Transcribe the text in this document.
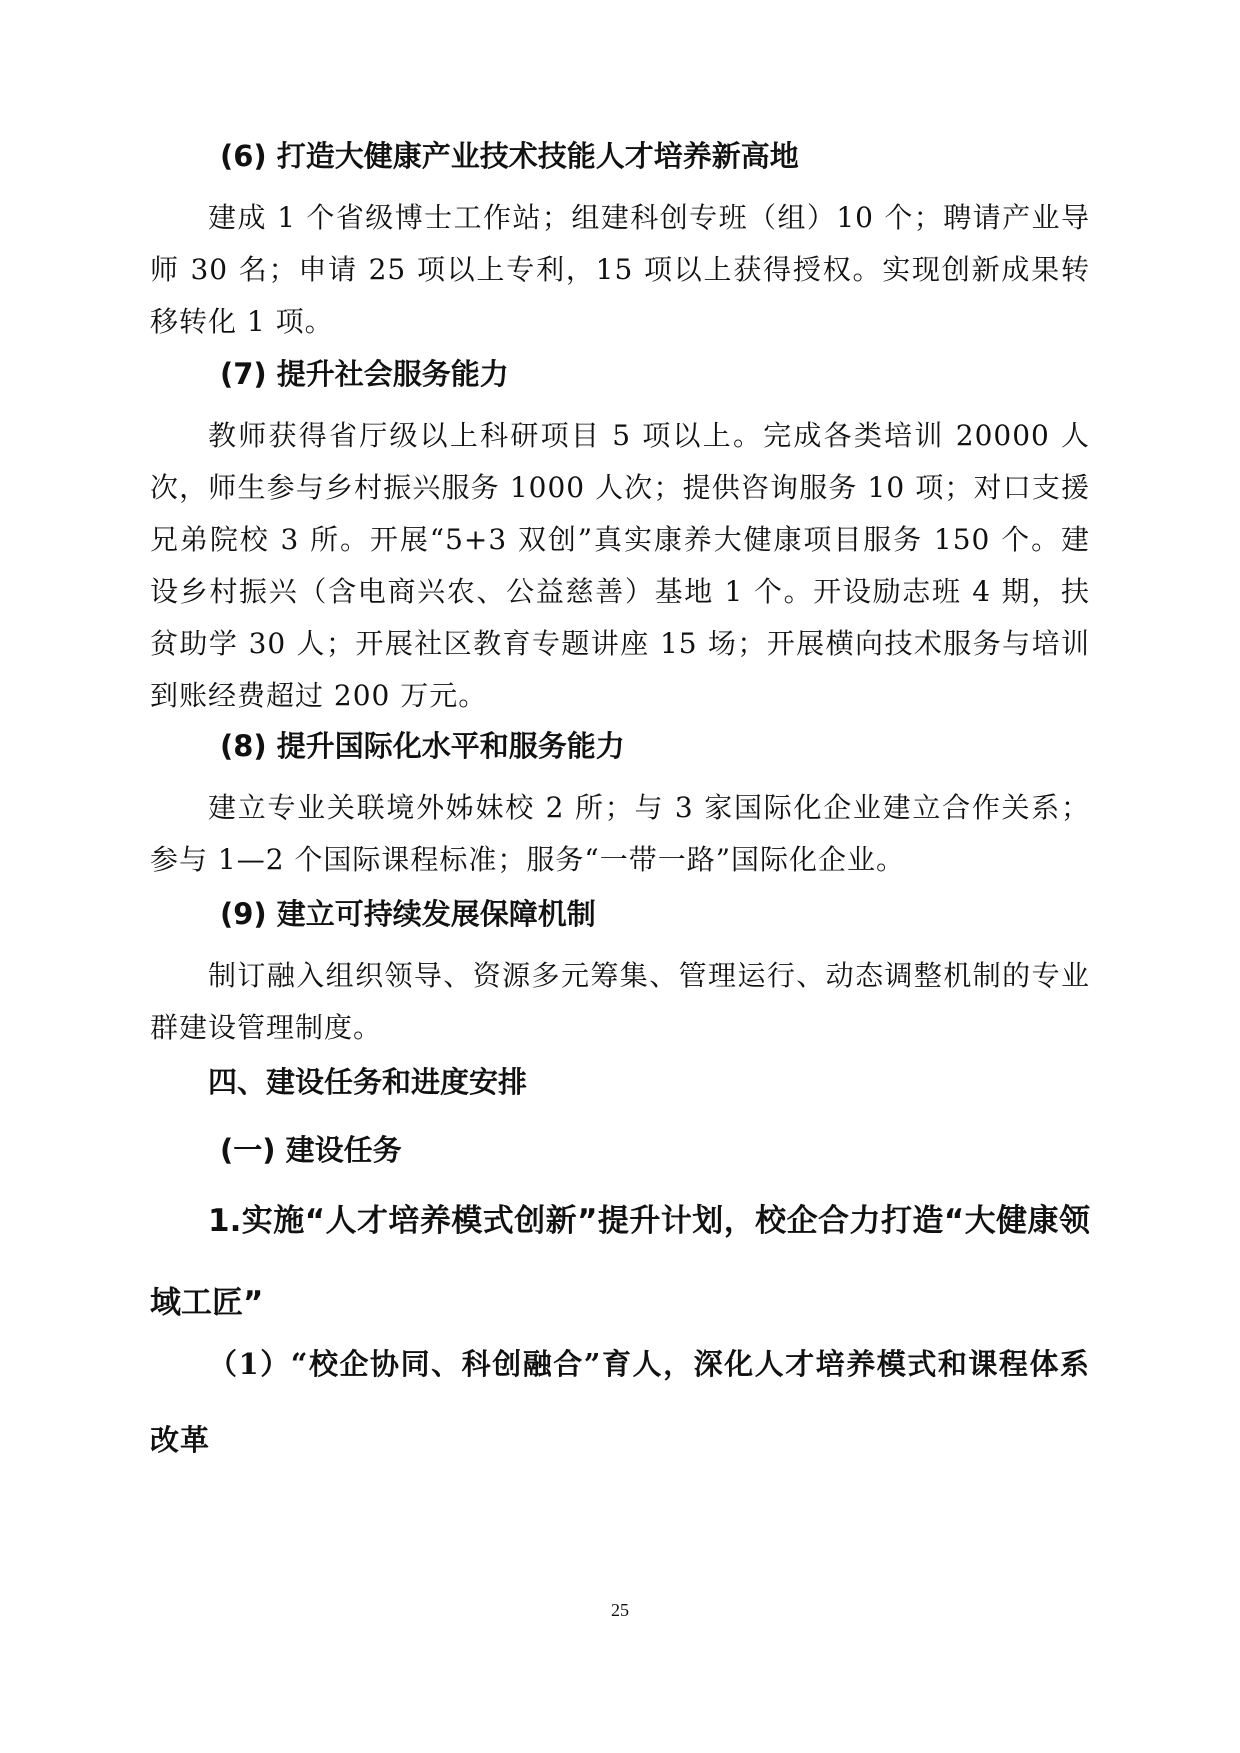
(6) 打造大健康产业技术技能人才培养新高地
建成 1 个省级博士工作站；组建科创专班（组）10 个；聘请产业导师 30 名；申请 25 项以上专利，15 项以上获得授权。实现创新成果转移转化 1 项。
(7) 提升社会服务能力
教师获得省厅级以上科研项目 5 项以上。完成各类培训 20000 人次，师生参与乡村振兴服务 1000 人次；提供咨询服务 10 项；对口支援兄弟院校 3 所。开展“5+3 双创”真实康养大健康项目服务 150 个。建设乡村振兴（含电商兴农、公益慈善）基地 1 个。开设励志班 4 期，扶贫助学 30 人；开展社区教育专题讲座 15 场；开展横向技术服务与培训到账经费超过 200 万元。
(8) 提升国际化水平和服务能力
建立专业关联境外姊妹校 2 所；与 3 家国际化企业建立合作关系；参与 1—2 个国际课程标准；服务“一带一路”国际化企业。
(9) 建立可持续发展保障机制
制订融入组织领导、资源多元筹集、管理运行、动态调整机制的专业群建设管理制度。
四、建设任务和进度安排
(一) 建设任务
1.实施“人才培养模式创新”提升计划，校企合力打造“大健康领域工匠”
（1）“校企协同、科创融合”育人，深化人才培养模式和课程体系改革
25
